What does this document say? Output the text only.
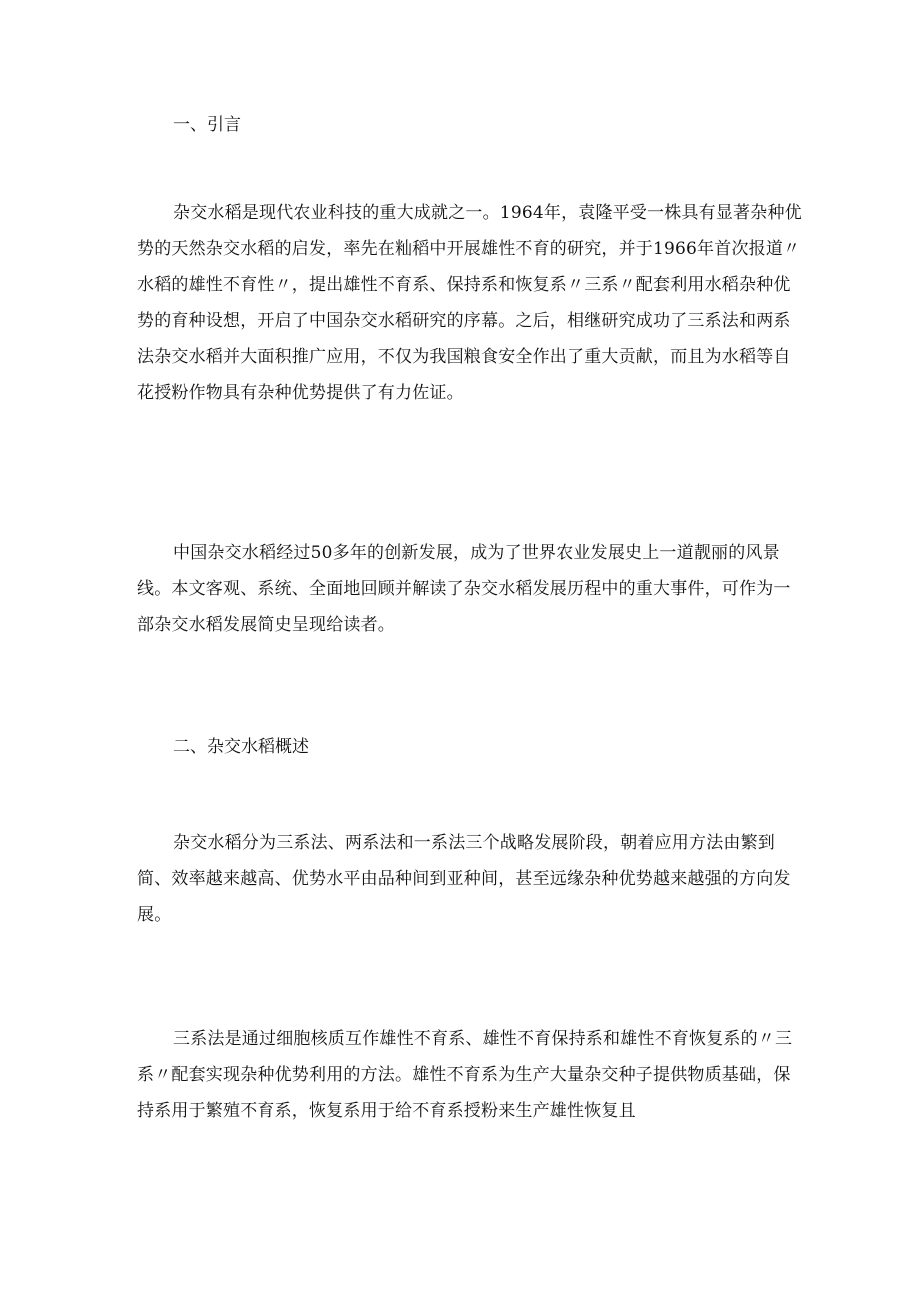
一、引言
杂交水稻是现代农业科技的重大成就之一。1964年，袁隆平受一株具有显著杂种优
势的天然杂交水稻的启发，率先在籼稻中开展雄性不育的研究，并于1966年首次报道〃
水稻的雄性不育性〃，提出雄性不育系、保持系和恢复系〃三系〃配套利用水稻杂种优
势的育种设想，开启了中国杂交水稻研究的序幕。之后，相继研究成功了三系法和两系
法杂交水稻并大面积推广应用，不仅为我国粮食安全作出了重大贡献，而且为水稻等自
花授粉作物具有杂种优势提供了有力佐证。
中国杂交水稻经过50多年的创新发展，成为了世界农业发展史上一道靓丽的风景
线。本文客观、系统、全面地回顾并解读了杂交水稻发展历程中的重大事件，可作为一
部杂交水稻发展简史呈现给读者。
二、杂交水稻概述
杂交水稻分为三系法、两系法和一系法三个战略发展阶段，朝着应用方法由繁到
简、效率越来越高、优势水平由品种间到亚种间，甚至远缘杂种优势越来越强的方向发
展。
三系法是通过细胞核质互作雄性不育系、雄性不育保持系和雄性不育恢复系的〃三
系〃配套实现杂种优势利用的方法。雄性不育系为生产大量杂交种子提供物质基础，保
持系用于繁殖不育系，恢复系用于给不育系授粉来生产雄性恢复且
